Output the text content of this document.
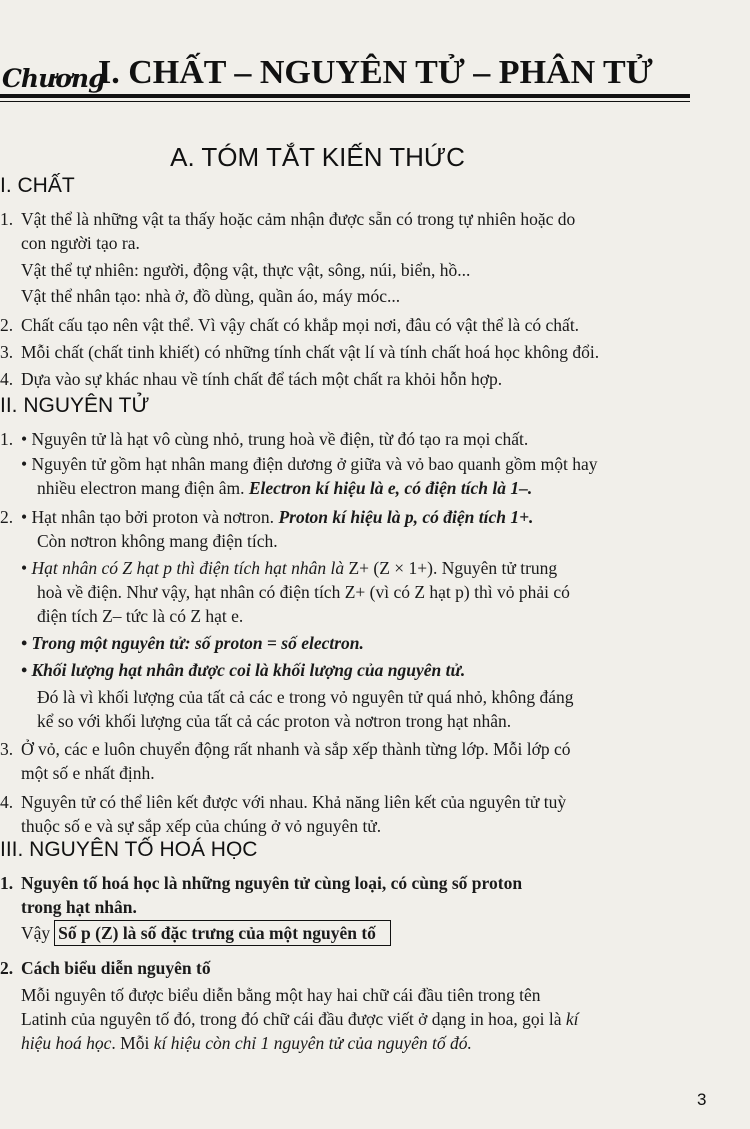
Chương
I. CHẤT – NGUYÊN TỬ – PHÂN TỬ
A. TÓM TẮT KIẾN THỨC
I. CHẤT
1. Vật thể là những vật ta thấy hoặc cảm nhận được sẵn có trong tự nhiên hoặc do
con người tạo ra.
Vật thể tự nhiên: người, động vật, thực vật, sông, núi, biển, hồ...
Vật thể nhân tạo: nhà ở, đồ dùng, quần áo, máy móc...
2. Chất cấu tạo nên vật thể. Vì vậy chất có khắp mọi nơi, đâu có vật thể là có chất.
3. Mỗi chất (chất tinh khiết) có những tính chất vật lí và tính chất hoá học không đổi.
4. Dựa vào sự khác nhau về tính chất để tách một chất ra khỏi hỗn hợp.
II. NGUYÊN TỬ
1. • Nguyên tử là hạt vô cùng nhỏ, trung hoà về điện, từ đó tạo ra mọi chất.
• Nguyên tử gồm hạt nhân mang điện dương ở giữa và vỏ bao quanh gồm một hay
nhiều electron mang điện âm. Electron kí hiệu là e, có điện tích là 1–.
2. • Hạt nhân tạo bởi proton và nơtron. Proton kí hiệu là p, có điện tích 1+.
Còn nơtron không mang điện tích.
• Hạt nhân có Z hạt p thì điện tích hạt nhân là Z+ (Z × 1+). Nguyên tử trung
hoà về điện. Như vậy, hạt nhân có điện tích Z+ (vì có Z hạt p) thì vỏ phải có
điện tích Z– tức là có Z hạt e.
• Trong một nguyên tử: số proton = số electron.
• Khối lượng hạt nhân được coi là khối lượng của nguyên tử.
Đó là vì khối lượng của tất cả các e trong vỏ nguyên tử quá nhỏ, không đáng
kể so với khối lượng của tất cả các proton và nơtron trong hạt nhân.
3. Ở vỏ, các e luôn chuyển động rất nhanh và sắp xếp thành từng lớp. Mỗi lớp có
một số e nhất định.
4. Nguyên tử có thể liên kết được với nhau. Khả năng liên kết của nguyên tử tuỳ
thuộc số e và sự sắp xếp của chúng ở vỏ nguyên tử.
III. NGUYÊN TỐ HOÁ HỌC
1. Nguyên tố hoá học là những nguyên tử cùng loại, có cùng số proton
trong hạt nhân.
Vậy Số p (Z) là số đặc trưng của một nguyên tố
2. Cách biểu diễn nguyên tố
Mỗi nguyên tố được biểu diễn bằng một hay hai chữ cái đầu tiên trong tên
Latinh của nguyên tố đó, trong đó chữ cái đầu được viết ở dạng in hoa, gọi là kí
hiệu hoá học. Mỗi kí hiệu còn chỉ 1 nguyên tử của nguyên tố đó.
3
